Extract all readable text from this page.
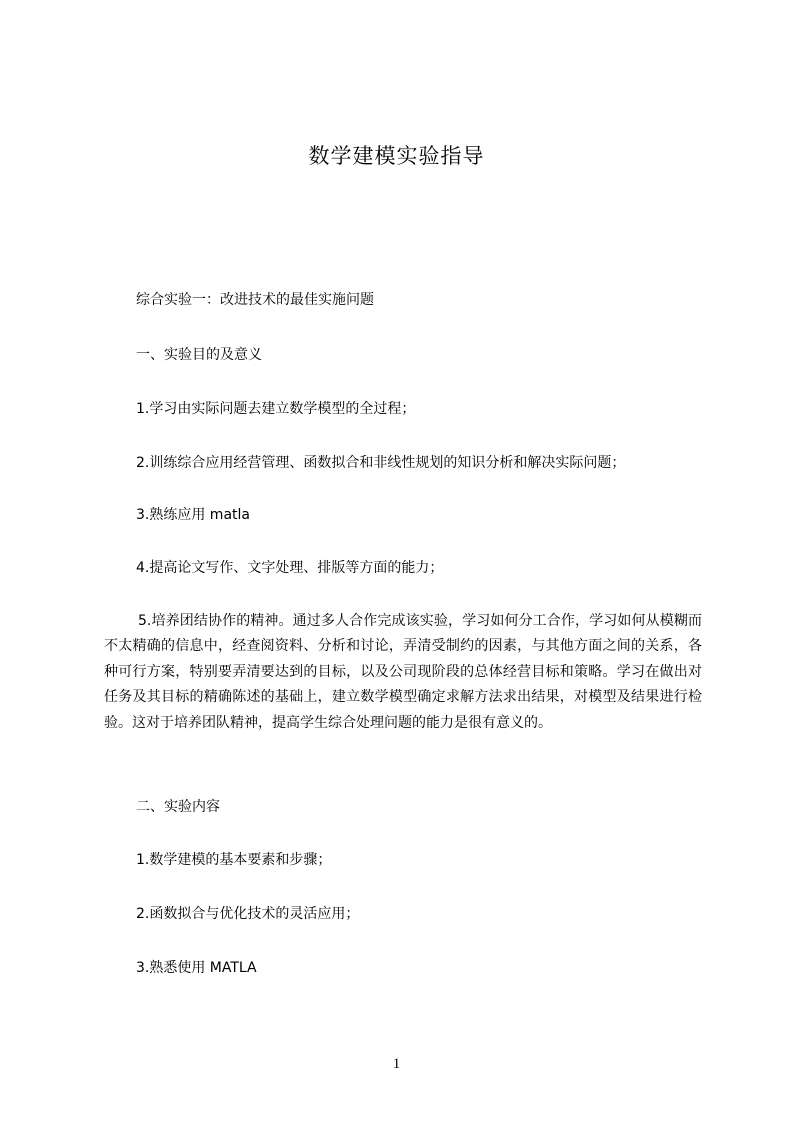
数学建模实验指导
综合实验一：改进技术的最佳实施问题
一、实验目的及意义
1.学习由实际问题去建立数学模型的全过程；
2.训练综合应用经营管理、函数拟合和非线性规划的知识分析和解决实际问题；
3.熟练应用 matla
4.提高论文写作、文字处理、排版等方面的能力；
5.培养团结协作的精神。通过多人合作完成该实验，学习如何分工合作，学习如何从模糊而不太精确的信息中，经查阅资料、分析和讨论，弄清受制约的因素，与其他方面之间的关系，各种可行方案，特别要弄清要达到的目标，以及公司现阶段的总体经营目标和策略。学习在做出对任务及其目标的精确陈述的基础上，建立数学模型确定求解方法求出结果，对模型及结果进行检验。这对于培养团队精神，提高学生综合处理问题的能力是很有意义的。
二、实验内容
1.数学建模的基本要素和步骤；
2.函数拟合与优化技术的灵活应用；
3.熟悉使用 MATLA
1
